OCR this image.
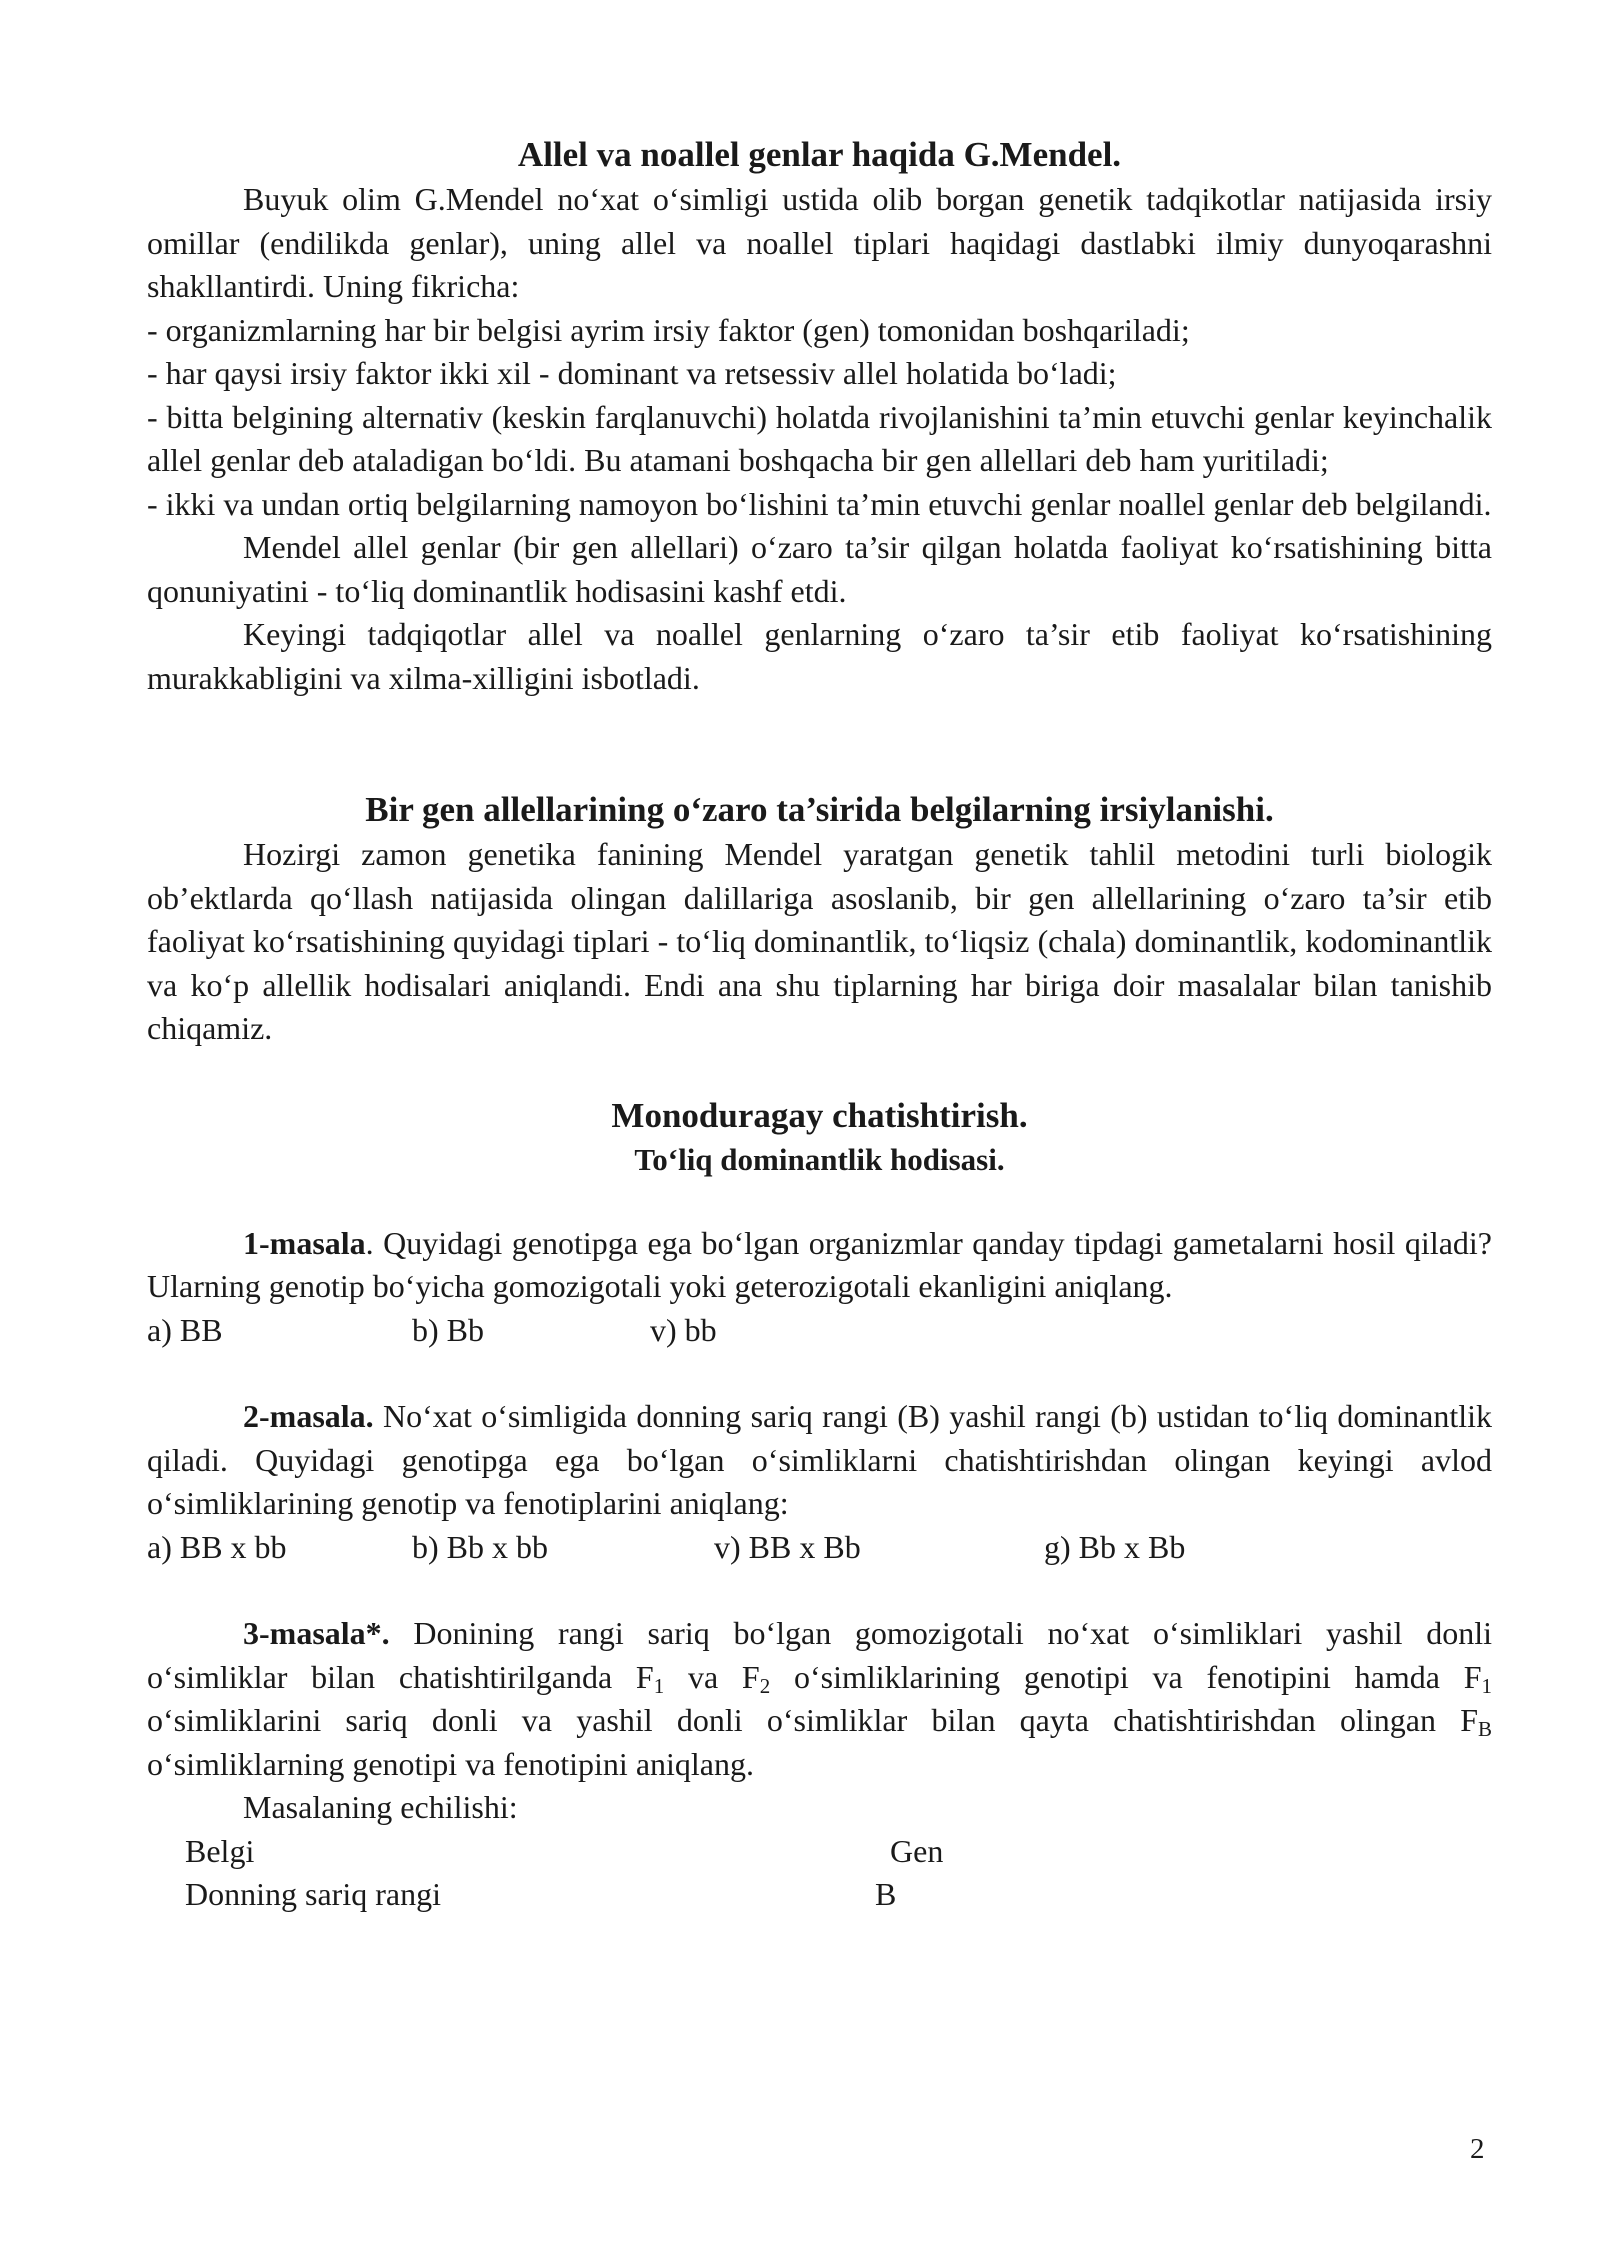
Allel va noallel genlar haqida G.Mendel.

Buyuk olim G.Mendel no‘xat o‘simligi ustida olib borgan genetik tadqikotlar natijasida irsiy omillar (endilikda genlar), uning allel va noallel tiplari haqidagi dastlabki ilmiy dunyoqarashni shakllantirdi. Uning fikricha:

- organizmlarning har bir belgisi ayrim irsiy faktor (gen) tomonidan boshqariladi;

- har qaysi irsiy faktor ikki xil - dominant va retsessiv allel holatida bo‘ladi;

- bitta belgining alternativ (keskin farqlanuvchi) holatda rivojlanishini ta’min etuvchi genlar keyinchalik allel genlar deb ataladigan bo‘ldi. Bu atamani boshqacha bir gen allellari deb ham yuritiladi;

- ikki va undan ortiq belgilarning namoyon bo‘lishini ta’min etuvchi genlar noallel genlar deb belgilandi.

Mendel allel genlar (bir gen allellari) o‘zaro ta’sir qilgan holatda faoliyat ko‘rsatishining bitta qonuniyatini - to‘liq dominantlik hodisasini kashf etdi.

Keyingi tadqiqotlar allel va noallel genlarning o‘zaro ta’sir etib faoliyat ko‘rsatishining murakkabligini va xilma-xilligini isbotladi.

Bir gen allellarining o‘zaro ta’sirida belgilarning irsiylanishi.

Hozirgi zamon genetika fanining Mendel yaratgan genetik tahlil metodini turli biologik ob’ektlarda qo‘llash natijasida olingan dalillariga asoslanib, bir gen allellarining o‘zaro ta’sir etib faoliyat ko‘rsatishining quyidagi tiplari - to‘liq dominantlik, to‘liqsiz (chala) dominantlik, kodominantlik va ko‘p allellik hodisalari aniqlandi. Endi ana shu tiplarning har biriga doir masalalar bilan tanishib chiqamiz.

Monoduragay chatishtirish.
To‘liq dominantlik hodisasi.

1-masala. Quyidagi genotipga ega bo‘lgan organizmlar qanday tipdagi gametalarni hosil qiladi? Ularning genotip bo‘yicha gomozigotali yoki geterozigotali ekanligini aniqlang.

a) BB	b) Bb	v) bb

2-masala. No‘xat o‘simligida donning sariq rangi (B) yashil rangi (b) ustidan to‘liq dominantlik qiladi. Quyidagi genotipga ega bo‘lgan o‘simliklarni chatishtirishdan olingan keyingi avlod o‘simliklarining genotip va fenotiplarini aniqlang:

a) BB x bb	b) Bb x bb	v) BB x Bb	g) Bb x Bb

3-masala*. Donining rangi sariq bo‘lgan gomozigotali no‘xat o‘simliklari yashil donli o‘simliklar bilan chatishtirilganda $F_1$ va $F_2$ o‘simliklarining genotipi va fenotipini hamda $F_1$ o‘simliklarini sariq donli va yashil donli o‘simliklar bilan qayta chatishtirishdan olingan $F_B$ o‘simliklarning genotipi va fenotipini aniqlang.

Masalaning echilishi:

Belgi	Gen
Donning sariq rangi	B
2
